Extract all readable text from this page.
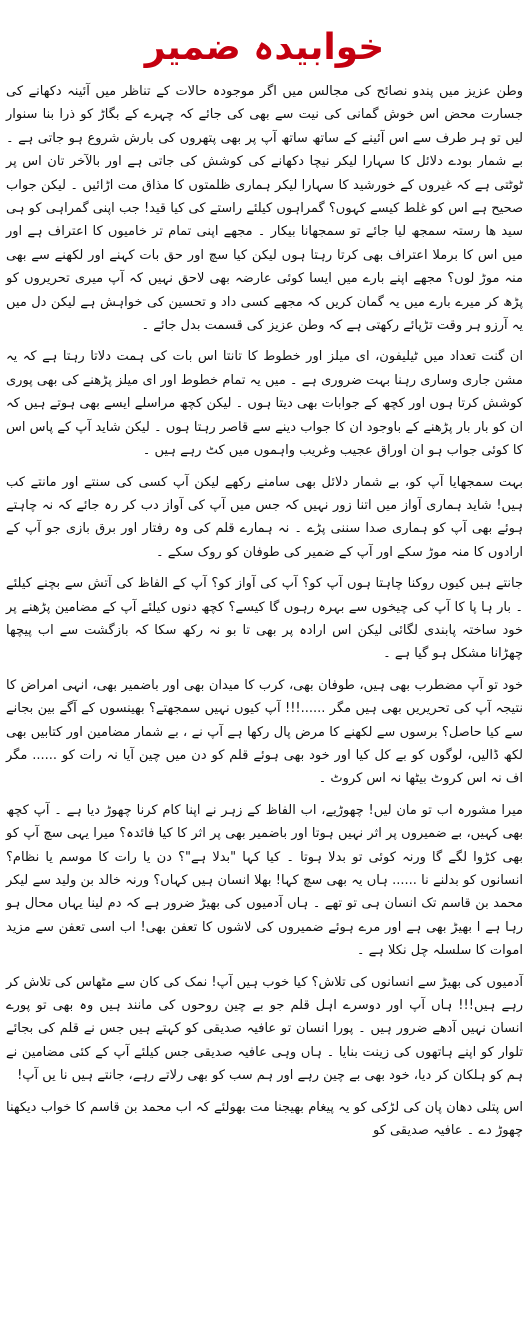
خوابیدہ ضمیر

وطن عزیز میں پندو نصائح کی مجالس میں اگر موجودہ حالات کے تناظر میں آئینہ دکھانے کی جسارت محض اس خوش گمانی کی نیت سے بھی کی جائے کہ چہرے کے بگاڑ کو ذرا بنا سنوار لیں تو ہر طرف سے اس آئینے کے ساتھ ساتھ آپ پر بھی پتھروں کی بارش شروع ہو جاتی ہے ۔ بے شمار بودے دلائل کا سہارا لیکر نیچا دکھانے کی کوشش کی جاتی ہے اور بالآخر تان اس پر ٹوٹتی ہے کہ غیروں کے خورشید کا سہارا لیکر ہماری ظلمتوں کا مذاق مت اڑائیں ۔ لیکن جواب صحیح ہے اس کو غلط کیسے کہوں؟ گمراہوں کیلئے راستے کی کیا قید! جب اپنی گمراہی کو ہی سید ھا رستہ سمجھ لیا جائے تو سمجھانا بیکار ۔ مجھے اپنی تمام تر خامیوں کا اعتراف ہے اور میں اس کا برملا اعتراف بھی کرتا رہتا ہوں لیکن کیا سچ اور حق بات کہنے اور لکھنے سے بھی منہ موڑ لوں؟ مجھے اپنے بارے میں ایسا کوئی عارضہ بھی لاحق نہیں کہ آپ میری تحریروں کو پڑھ کر میرے بارے میں یہ گمان کریں کہ مجھے کسی داد و تحسین کی خواہش ہے لیکن دل میں یہ آرزو ہر وقت تڑپائے رکھتی ہے کہ وطن عزیز کی قسمت بدل جائے ۔

ان گنت تعداد میں ٹیلیفون، ای میلز اور خطوط کا تانتا اس بات کی ہمت دلاتا رہتا ہے کہ یہ مشن جاری وساری رہنا بہت ضروری ہے ۔ میں یہ تمام خطوط اور ای میلز پڑھنے کی بھی پوری کوشش کرتا ہوں اور کچھ کے جوابات بھی دیتا ہوں ۔ لیکن کچھ مراسلے ایسے بھی ہوتے ہیں کہ ان کو بار بار پڑھنے کے باوجود ان کا جواب دینے سے قاصر رہتا ہوں ۔ لیکن شاید آپ کے پاس اس کا کوئی جواب ہو ان اوراق عجیب وغریب واہموں میں کٹ رہے ہیں ۔

بہت سمجھایا آپ کو، بے شمار دلائل بھی سامنے رکھے لیکن آپ کسی کی سنتے اور مانتے کب ہیں! شاید ہماری آواز میں اتنا زور نہیں کہ جس میں آپ کی آواز دب کر رہ جائے کہ نہ چاہتے ہوئے بھی آپ کو ہماری صدا سننی پڑے ۔ نہ ہمارے قلم کی وہ رفتار اور برق بازی جو آپ کے ارادوں کا منہ موڑ سکے اور آپ کے ضمیر کی طوفان کو روک سکے ۔

جانتے ہیں کیوں روکنا چاہتا ہوں آپ کو؟ آپ کی آواز کو؟ آپ کے الفاظ کی آتش سے بچنے کیلئے ۔ بار ہا پا کا آپ کی چیخوں سے بہرہ رہوں گا کیسے؟ کچھ دنوں کیلئے آپ کے مضامین پڑھنے پر خود ساختہ پابندی لگائی لیکن اس ارادہ پر بھی تا بو نہ رکھ سکا کہ بازگشت سے اب پیچھا چھڑانا مشکل ہو گیا ہے ۔

خود تو آپ مضطرب بھی ہیں، طوفان بھی، کرب کا میدان بھی اور باضمیر بھی، انہی امراض کا نتیجہ آپ کی تحریریں بھی ہیں مگر ......!!! آپ کیوں نہیں سمجھتے؟ بھینسوں کے آگے بین بجانے سے کیا حاصل؟ برسوں سے لکھنے کا مرض پال رکھا ہے آپ نے ، بے شمار مضامین اور کتابیں بھی لکھ ڈالیں، لوگوں کو بے کل کیا اور خود بھی ہوئے قلم کو دن میں چین آیا نہ رات کو ...... مگر اف نہ اس کروٹ بیٹھا نہ اس کروٹ ۔

میرا مشورہ اب تو مان لیں! چھوڑیے، اب الفاظ کے زہر نے اپنا کام کرنا چھوڑ دیا ہے ۔ آپ کچھ بھی کہیں، بے ضمیروں پر اثر نہیں ہوتا اور باضمیر بھی پر اثر کا کیا فائدہ؟ میرا یہی سچ آپ کو بھی کڑوا لگے گا ورنہ کوئی تو بدلا ہوتا ۔ کیا کہا "بدلا ہے"؟ دن یا رات کا موسم یا نظام؟ انسانوں کو بدلنے نا ...... ہاں یہ بھی سچ کہا! بھلا انسان ہیں کہاں؟ ورنہ خالد بن ولید سے لیکر محمد بن قاسم تک انسان ہی تو تھے ۔ ہاں آدمیوں کی بھیڑ ضرور ہے کہ دم لینا یہاں محال ہو رہا ہے ا بھیڑ بھی ہے اور مرے ہوئے ضمیروں کی لاشوں کا تعفن بھی! اب اسی تعفن سے مزید اموات کا سلسلہ چل نکلا ہے ۔

آدمیوں کی بھیڑ سے انسانوں کی تلاش؟ کیا خوب ہیں آپ! نمک کی کان سے مٹھاس کی تلاش کر رہے ہیں!!! ہاں آپ اور دوسرے اہل قلم جو بے چین روحوں کی مانند ہیں وہ بھی تو پورے انسان نہیں آدھے ضرور ہیں ۔ پورا انسان تو عافیہ صدیقی کو کہتے ہیں جس نے قلم کی بجائے تلوار کو اپنے ہاتھوں کی زینت بنایا ۔ ہاں وہی عافیہ صدیقی جس کیلئے آپ کے کئی مضامین نے ہم کو ہلکان کر دیا، خود بھی بے چین رہے اور ہم سب کو بھی رلاتے رہے، جانتے ہیں نا یں آپ!

اس پتلی دھان پان کی لڑکی کو یہ پیغام بھیجنا مت بھولئے کہ اب محمد بن قاسم کا خواب دیکھنا چھوڑ دے ۔ عافیہ صدیقی کو
